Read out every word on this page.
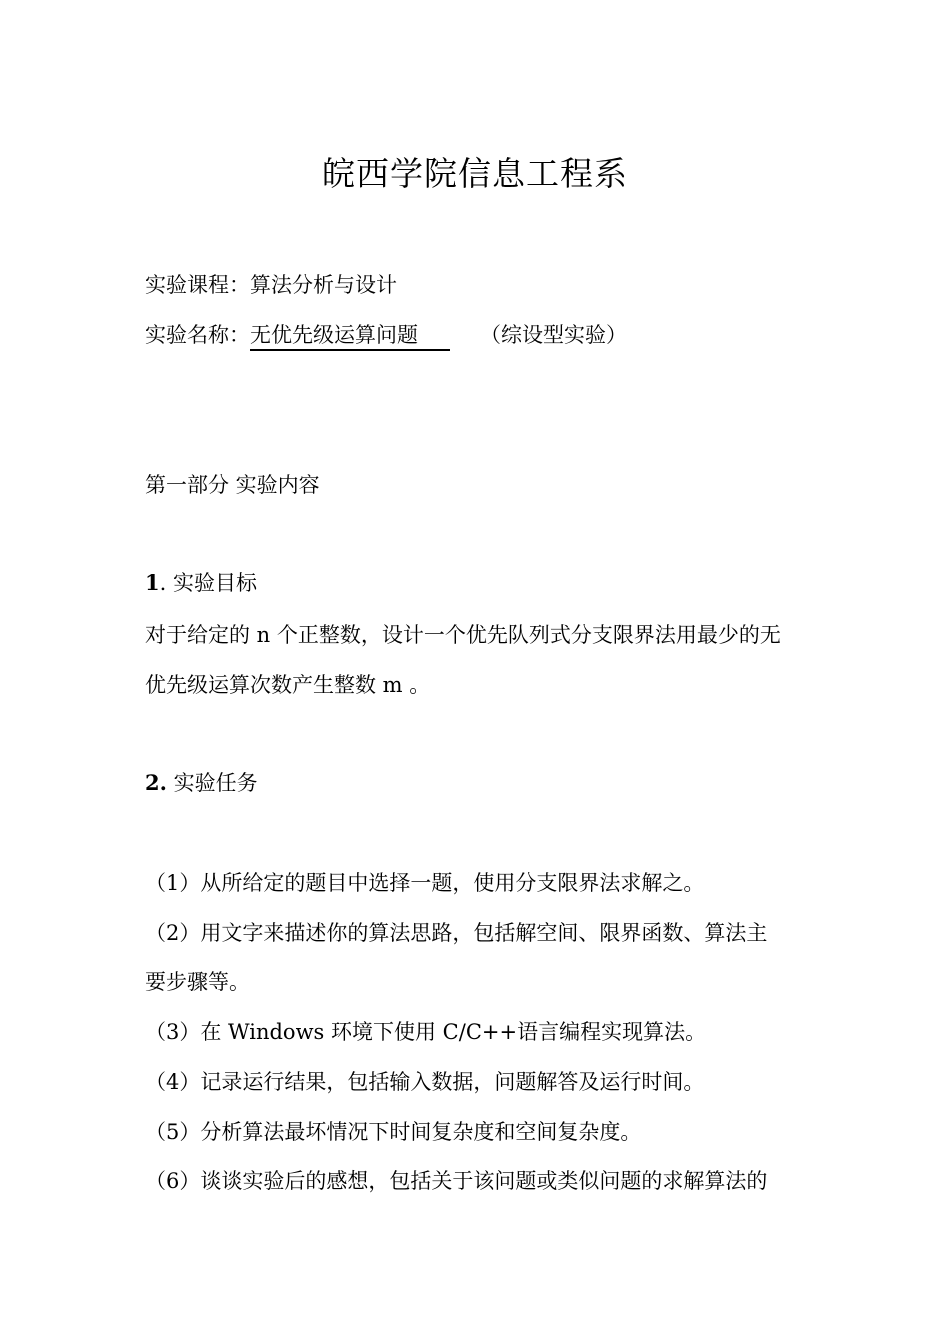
皖西学院信息工程系
实验课程：算法分析与设计
实验名称：无优先级运算问题	（综设型实验）
第一部分 实验内容
1. 实验目标
对于给定的 n 个正整数，设计一个优先队列式分支限界法用最少的无
优先级运算次数产生整数 m 。
2. 实验任务
（1）从所给定的题目中选择一题，使用分支限界法求解之。
（2）用文字来描述你的算法思路，包括解空间、限界函数、算法主
要步骤等。
（3）在 Windows 环境下使用 C/C++语言编程实现算法。
（4）记录运行结果，包括输入数据，问题解答及运行时间。
（5）分析算法最坏情况下时间复杂度和空间复杂度。
（6）谈谈实验后的感想，包括关于该问题或类似问题的求解算法的
